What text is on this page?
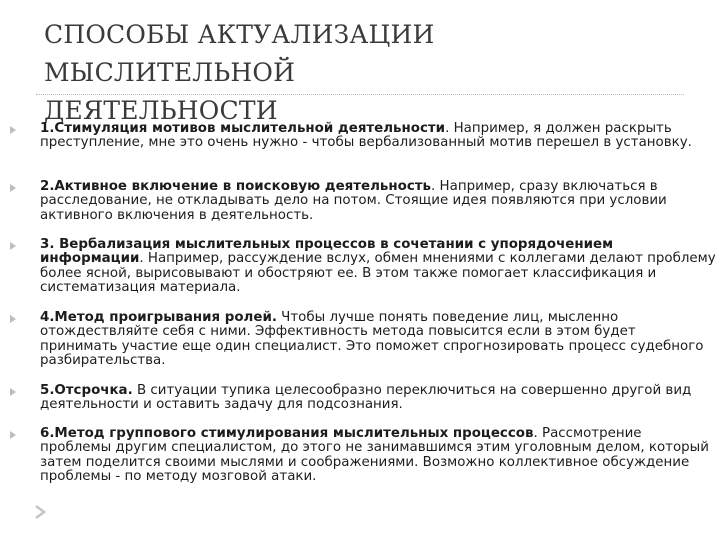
СПОСОБЫ АКТУАЛИЗАЦИИ МЫСЛИТЕЛЬНОЙ
ДЕЯТЕЛЬНОСТИ
1.Стимуляция мотивов мыслительной деятельности. Например, я должен раскрыть преступление, мне это очень нужно - чтобы вербализованный мотив перешел в установку.
2.Активное включение в поисковую деятельность. Например, сразу включаться в расследование, не откладывать дело на потом. Стоящие идея появляются при условии активного включения в деятельность.
3. Вербализация мыслительных процессов в сочетании с упорядочением информации. Например, рассуждение вслух, обмен мнениями с коллегами делают проблему более ясной, вырисовывают и обостряют ее. В этом также помогает классификация и систематизация материала.
4.Метод проигрывания ролей. Чтобы лучше понять поведение лиц, мысленно отождествляйте себя с ними. Эффективность метода повысится если в этом будет принимать участие еще один специалист. Это поможет спрогнозировать процесс судебного разбирательства.
5.Отсрочка. В ситуации тупика целесообразно переключиться на совершенно другой вид деятельности и оставить задачу для подсознания.
6.Метод группового стимулирования мыслительных процессов. Рассмотрение проблемы другим специалистом, до этого не занимавшимся этим уголовным делом, который затем поделится своими мыслями и соображениями. Возможно коллективное обсуждение проблемы - по методу мозговой атаки.
